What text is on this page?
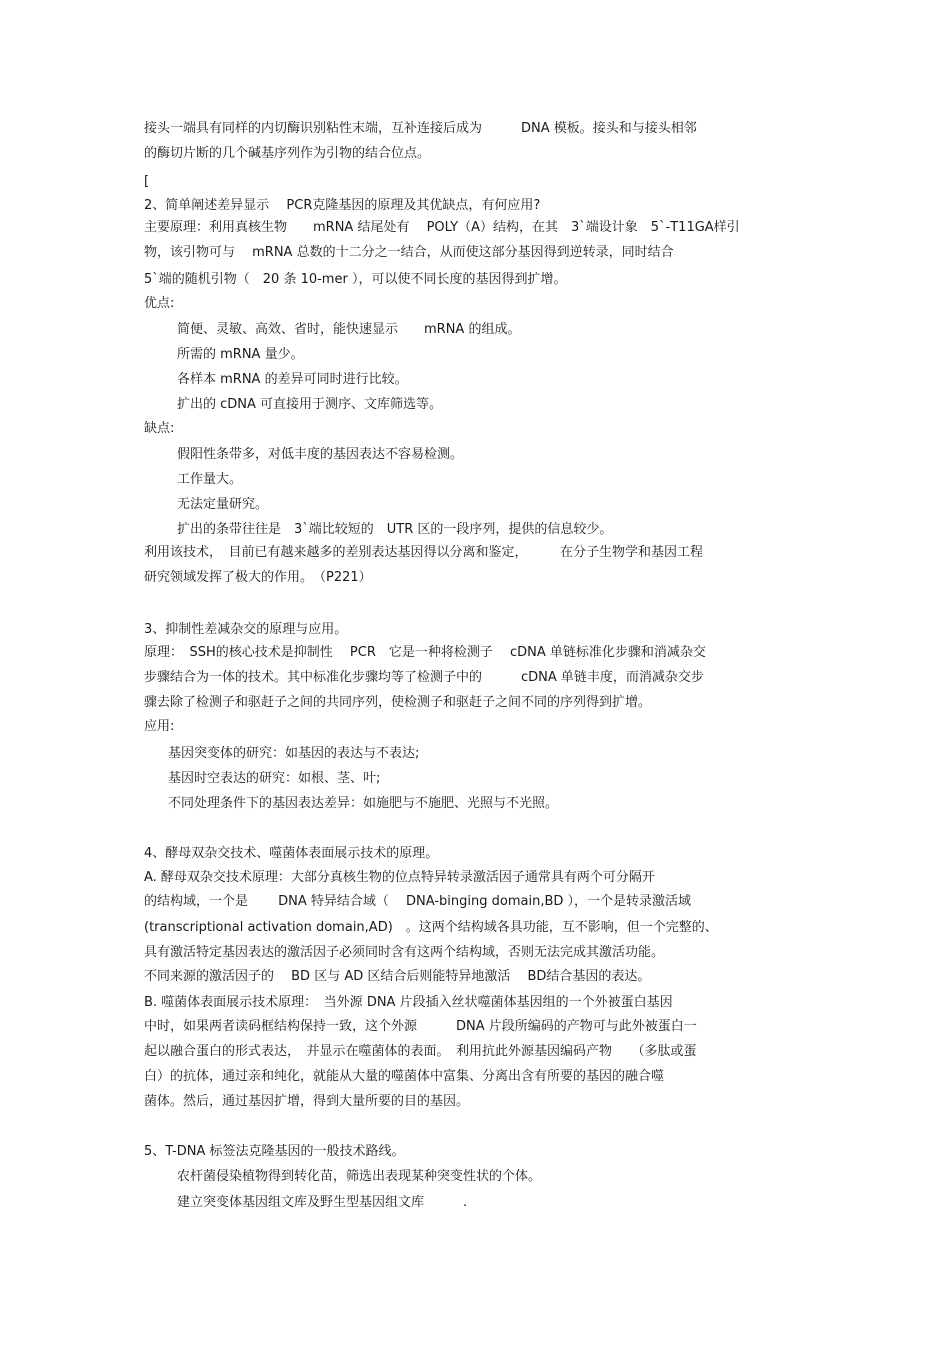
接头一端具有同样的内切酶识别粘性末端，互补连接后成为　　　DNA 模板。接头和与接头相邻
的酶切片断的几个碱基序列作为引物的结合位点。
[
2、简单阐述差异显示　 PCR克隆基因的原理及其优缺点，有何应用?
主要原理：利用真核生物　　mRNA 结尾处有　 POLY（A）结构，在其　3`端设计象　5`-T11GA样引
物，该引物可与　 mRNA 总数的十二分之一结合，从而使这部分基因得到逆转录，同时结合
5`端的随机引物（　20 条 10-mer ），可以使不同长度的基因得到扩增。
优点:
简便、灵敏、高效、省时，能快速显示　　mRNA 的组成。
所需的 mRNA 量少。
各样本 mRNA 的差异可同时进行比较。
扩出的 cDNA 可直接用于测序、文库筛选等。
缺点:
假阳性条带多，对低丰度的基因表达不容易检测。
工作量大。
无法定量研究。
扩出的条带往往是　3`端比较短的　UTR 区的一段序列，提供的信息较少。
利用该技术，　目前已有越来越多的差别表达基因得以分离和鉴定，　　　在分子生物学和基因工程
研究领域发挥了极大的作用。　（P221）
3、抑制性差减杂交的原理与应用。
原理：　SSH的核心技术是抑制性　 PCR　它是一种将检测子　 cDNA 单链标准化步骤和消减杂交
步骤结合为一体的技术。其中标准化步骤均等了检测子中的　　　cDNA 单链丰度，而消减杂交步
骤去除了检测子和驱赶子之间的共同序列，使检测子和驱赶子之间不同的序列得到扩增。
应用:
基因突变体的研究：如基因的表达与不表达;
基因时空表达的研究：如根、茎、叶;
不同处理条件下的基因表达差异：如施肥与不施肥、光照与不光照。
4、酵母双杂交技术、噬菌体表面展示技术的原理。
A. 酵母双杂交技术原理：大部分真核生物的位点特异转录激活因子通常具有两个可分隔开
的结构域，一个是　　 DNA 特异结合域（　 DNA-binging domain,BD ），一个是转录激活域
(transcriptional activation domain,AD)　。这两个结构域各具功能，互不影响，但一个完整的、
具有激活特定基因表达的激活因子必须同时含有这两个结构域，否则无法完成其激活功能。
不同来源的激活因子的　 BD 区与 AD 区结合后则能特异地激活　 BD结合基因的表达。
B. 噬菌体表面展示技术原理：　当外源 DNA 片段插入丝状噬菌体基因组的一个外被蛋白基因
中时，如果两者读码框结构保持一致，这个外源　　　DNA 片段所编码的产物可与此外被蛋白一
起以融合蛋白的形式表达，　并显示在噬菌体的表面。　利用抗此外源基因编码产物　　（多肽或蛋
白）的抗体，通过亲和纯化，就能从大量的噬菌体中富集、分离出含有所要的基因的融合噬
菌体。然后，通过基因扩增，得到大量所要的目的基因。
5、T-DNA 标签法克隆基因的一般技术路线。
农杆菌侵染植物得到转化苗，筛选出表现某种突变性状的个体。
建立突变体基因组文库及野生型基因组文库　　　.
